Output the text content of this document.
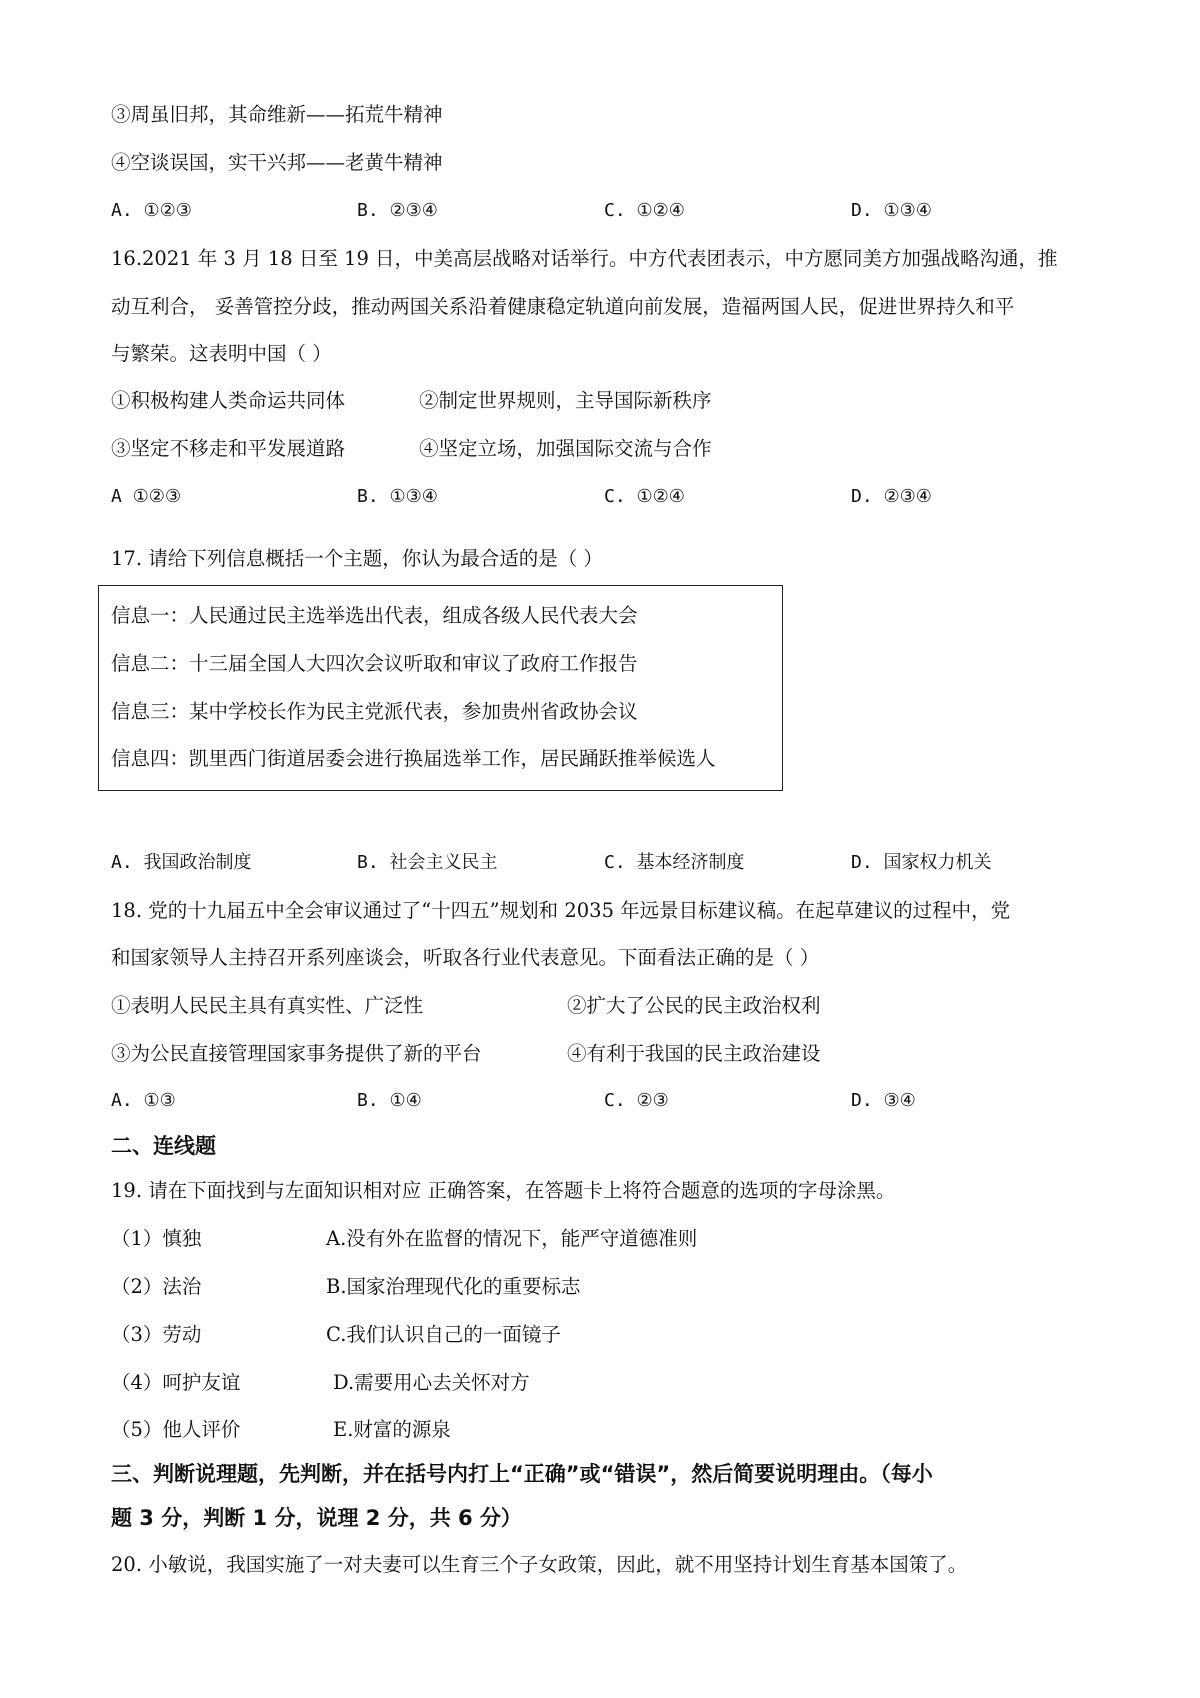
③周虽旧邦，其命维新——拓荒牛精神
④空谈误国，实干兴邦——老黄牛精神
A. ①②③	B. ②③④	C. ①②④	D. ①③④
16.2021 年 3 月 18 日至 19 日，中美高层战略对话举行。中方代表团表示，中方愿同美方加强战略沟通，推
动互利合， 妥善管控分歧，推动两国关系沿着健康稳定轨道向前发展，造福两国人民，促进世界持久和平
与繁荣。这表明中国（ ）
①积极构建人类命运共同体	②制定世界规则，主导国际新秩序
③坚定不移走和平发展道路	④坚定立场，加强国际交流与合作
A ①②③	B. ①③④	C. ①②④	D. ②③④
17. 请给下列信息概括一个主题，你认为最合适的是（ ）
信息一：人民通过民主选举选出代表，组成各级人民代表大会
信息二：十三届全国人大四次会议听取和审议了政府工作报告
信息三：某中学校长作为民主党派代表，参加贵州省政协会议
信息四：凯里西门街道居委会进行换届选举工作，居民踊跃推举候选人
A. 我国政治制度	B. 社会主义民主	C. 基本经济制度	D. 国家权力机关
18. 党的十九届五中全会审议通过了“十四五”规划和 2035 年远景目标建议稿。在起草建议的过程中，党
和国家领导人主持召开系列座谈会，听取各行业代表意见。下面看法正确的是（ ）
①表明人民民主具有真实性、广泛性	②扩大了公民的民主政治权利
③为公民直接管理国家事务提供了新的平台	④有利于我国的民主政治建设
A. ①③	B. ①④	C. ②③	D. ③④
二、连线题
19. 请在下面找到与左面知识相对应 正确答案，在答题卡上将符合题意的选项的字母涂黑。
（1）慎独	A.没有外在监督的情况下，能严守道德准则
（2）法治	B.国家治理现代化的重要标志
（3）劳动	C.我们认识自己的一面镜子
（4）呵护友谊	D.需要用心去关怀对方
（5）他人评价	E.财富的源泉
三、判断说理题，先判断，并在括号内打上“正确”或“错误”，然后简要说明理由。（每小
题 3 分，判断 1 分，说理 2 分，共 6 分）
20. 小敏说，我国实施了一对夫妻可以生育三个子女政策，因此，就不用坚持计划生育基本国策了。
